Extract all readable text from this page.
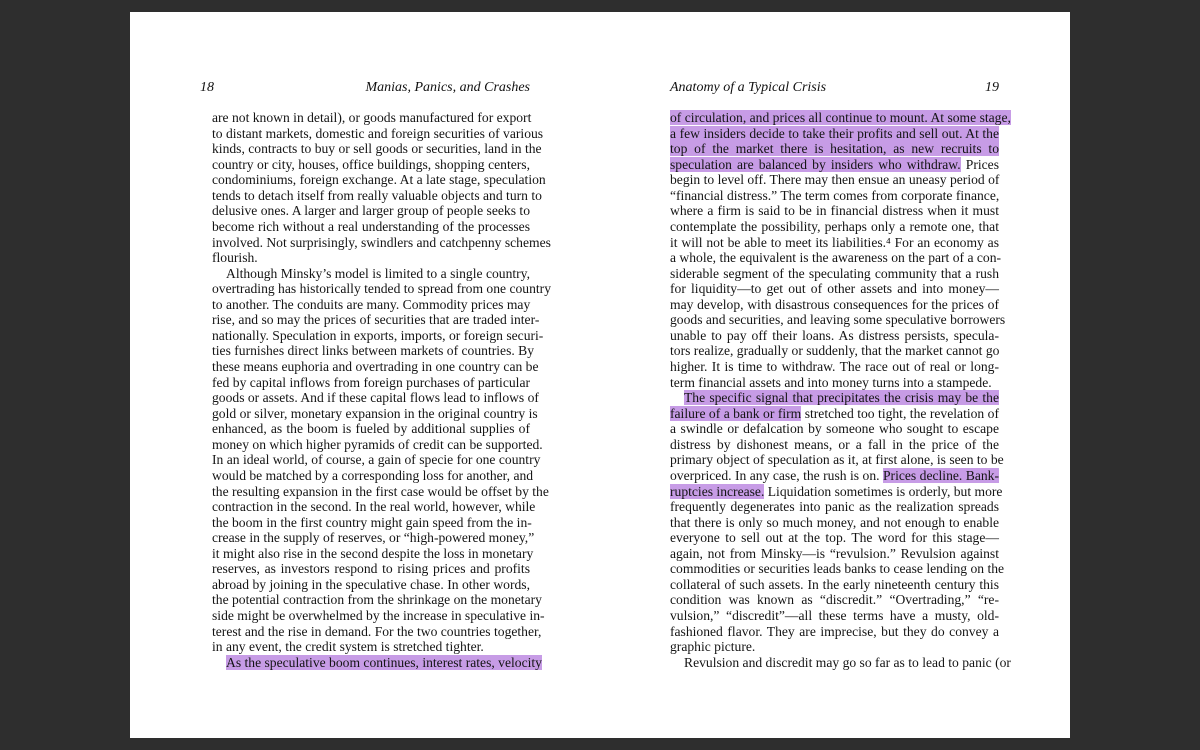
18	Manias, Panics, and Crashes
are not known in detail), or goods manufactured for export
to distant markets, domestic and foreign securities of various
kinds, contracts to buy or sell goods or securities, land in the
country or city, houses, office buildings, shopping centers,
condominiums, foreign exchange. At a late stage, speculation
tends to detach itself from really valuable objects and turn to
delusive ones. A larger and larger group of people seeks to
become rich without a real understanding of the processes
involved. Not surprisingly, swindlers and catchpenny schemes
flourish.
Although Minsky’s model is limited to a single country,
overtrading has historically tended to spread from one country
to another. The conduits are many. Commodity prices may
rise, and so may the prices of securities that are traded inter-
nationally. Speculation in exports, imports, or foreign securi-
ties furnishes direct links between markets of countries. By
these means euphoria and overtrading in one country can be
fed by capital inflows from foreign purchases of particular
goods or assets. And if these capital flows lead to inflows of
gold or silver, monetary expansion in the original country is
enhanced, as the boom is fueled by additional supplies of
money on which higher pyramids of credit can be supported.
In an ideal world, of course, a gain of specie for one country
would be matched by a corresponding loss for another, and
the resulting expansion in the first case would be offset by the
contraction in the second. In the real world, however, while
the boom in the first country might gain speed from the in-
crease in the supply of reserves, or “high-powered money,”
it might also rise in the second despite the loss in monetary
reserves, as investors respond to rising prices and profits
abroad by joining in the speculative chase. In other words,
the potential contraction from the shrinkage on the monetary
side might be overwhelmed by the increase in speculative in-
terest and the rise in demand. For the two countries together,
in any event, the credit system is stretched tighter.
As the speculative boom continues, interest rates, velocity
Anatomy of a Typical Crisis	19
of circulation, and prices all continue to mount. At some stage,
a few insiders decide to take their profits and sell out. At the
top of the market there is hesitation, as new recruits to
speculation are balanced by insiders who withdraw. Prices
begin to level off. There may then ensue an uneasy period of
“financial distress.” The term comes from corporate finance,
where a firm is said to be in financial distress when it must
contemplate the possibility, perhaps only a remote one, that
it will not be able to meet its liabilities.⁴ For an economy as
a whole, the equivalent is the awareness on the part of a con-
siderable segment of the speculating community that a rush
for liquidity—to get out of other assets and into money—
may develop, with disastrous consequences for the prices of
goods and securities, and leaving some speculative borrowers
unable to pay off their loans. As distress persists, specula-
tors realize, gradually or suddenly, that the market cannot go
higher. It is time to withdraw. The race out of real or long-
term financial assets and into money turns into a stampede.
The specific signal that precipitates the crisis may be the
failure of a bank or firm stretched too tight, the revelation of
a swindle or defalcation by someone who sought to escape
distress by dishonest means, or a fall in the price of the
primary object of speculation as it, at first alone, is seen to be
overpriced. In any case, the rush is on. Prices decline. Bank-
ruptcies increase. Liquidation sometimes is orderly, but more
frequently degenerates into panic as the realization spreads
that there is only so much money, and not enough to enable
everyone to sell out at the top. The word for this stage—
again, not from Minsky—is “revulsion.” Revulsion against
commodities or securities leads banks to cease lending on the
collateral of such assets. In the early nineteenth century this
condition was known as “discredit.” “Overtrading,” “re-
vulsion,” “discredit”—all these terms have a musty, old-
fashioned flavor. They are imprecise, but they do convey a
graphic picture.
Revulsion and discredit may go so far as to lead to panic (or
